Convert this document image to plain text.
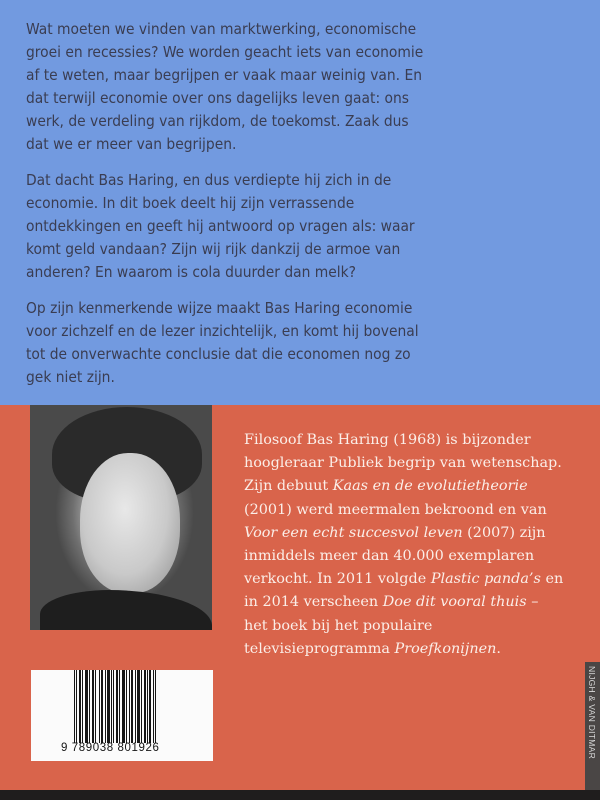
Wat moeten we vinden van marktwerking, economische groei en recessies? We worden geacht iets van economie af te weten, maar begrijpen er vaak maar weinig van. En dat terwijl economie over ons dagelijks leven gaat: ons werk, de verdeling van rijkdom, de toekomst. Zaak dus dat we er meer van begrijpen.

Dat dacht Bas Haring, en dus verdiepte hij zich in de economie. In dit boek deelt hij zijn verrassende ontdekkingen en geeft hij antwoord op vragen als: waar komt geld vandaan? Zijn wij rijk dankzij de armoe van anderen? En waarom is cola duurder dan melk?

Op zijn kenmerkende wijze maakt Bas Haring economie voor zichzelf en de lezer inzichtelijk, en komt hij bovenal tot de onverwachte conclusie dat die economen nog zo gek niet zijn.

Filosoof Bas Haring (1968) is bijzonder hoogleraar Publiek begrip van wetenschap. Zijn debuut Kaas en de evolutietheorie (2001) werd meermalen bekroond en van Voor een echt succesvol leven (2007) zijn inmiddels meer dan 40.000 exemplaren verkocht. In 2011 volgde Plastic panda’s en in 2014 verscheen Doe dit vooral thuis – het boek bij het populaire televisieprogramma Proefkonijnen.
9 789038 801926	NIJGH & VAN DITMAR
